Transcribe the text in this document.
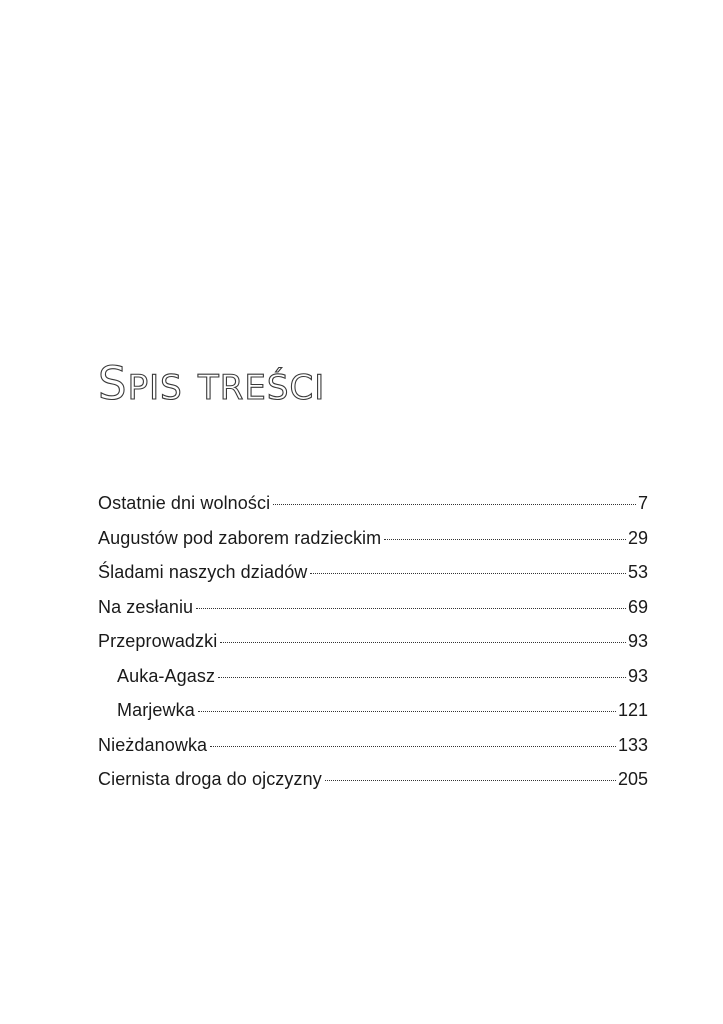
SPIS TREŚCI
Ostatnie dni wolności	7
Augustów pod zaborem radzieckim	29
Śladami naszych dziadów	53
Na zesłaniu	69
Przeprowadzki	93
Auka-Agasz	93
Marjewka	121
Nieżdanowka	133
Ciernista droga do ojczyzny	205
